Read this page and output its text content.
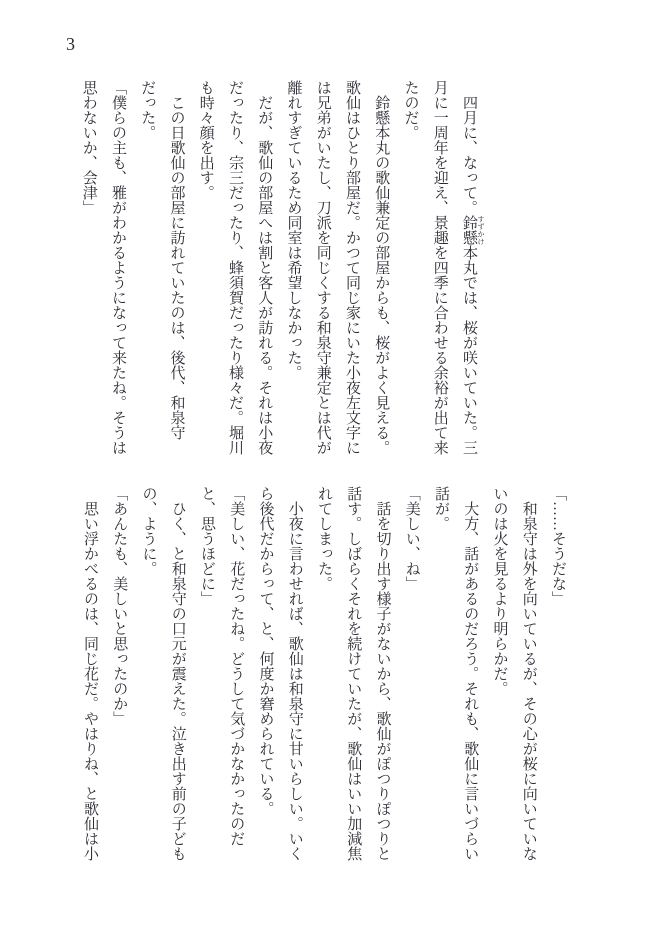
3

　四月に、なって。鈴懸 すずかけ本丸では、桜が咲いていた。三月に一周年を迎え、景趣を四季に合わせる余裕が出て来たのだ。

　鈴懸本丸の歌仙兼定の部屋からも、桜がよく見える。歌仙はひとり部屋だ。かつて同じ家にいた小夜左文字には兄弟がいたし、刀派を同じくする和泉守兼定とは代が離れすぎているため同室は希望しなかった。

　だが、歌仙の部屋へは割と客人が訪れる。それは小夜だったり、宗三だったり、蜂須賀だったり様々だ。堀川も時々顔を出す。

　この日歌仙の部屋に訪れていたのは、後代、和泉守だった。

「僕らの主も、雅がわかるようになって来たね。そうは思わないか、会津」

「……そうだな」

　和泉守は外を向いているが、その心が桜に向いていないのは火を見るより明らかだ。

　大方、話があるのだろう。それも、歌仙に言いづらい話が。

「美しい、ね」

　話を切り出す様子がないから、歌仙がぽつりぽつりと話す。しばらくそれを続けていたが、歌仙はいい加減焦れてしまった。

　小夜に言わせれば、歌仙は和泉守に甘いらしい。いくら後代だからって、と、何度か窘められている。

「美しい、花だったね。どうして気づかなかったのだと、思うほどに」

　ひく、と和泉守の口元が震えた。泣き出す前の子どもの、ように。

「あんたも、美しいと思ったのか」

　思い浮かべるのは、同じ花だ。やはりね、と歌仙は小
